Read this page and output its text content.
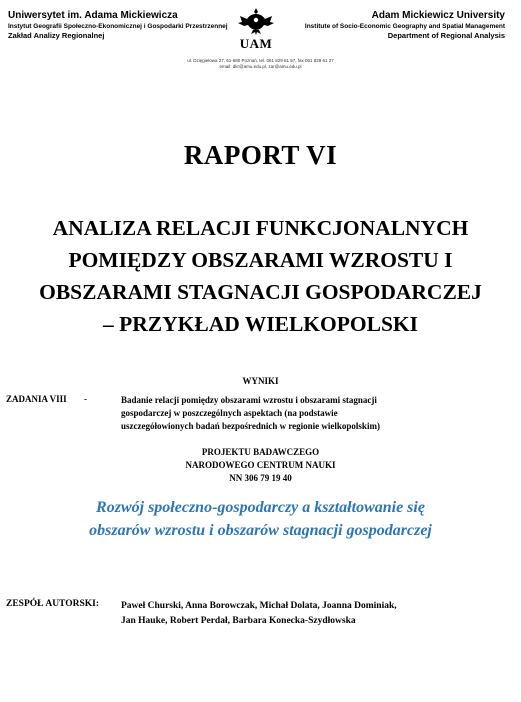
Uniwersytet im. Adama Mickiewicza
Instytut Geografii Społeczno-Ekonomicznej i Gospodarki Przestrzennej
Zakład Analizy Regionalnej
UAM
Adam Mickiewicz University
Institute of Socio-Economic Geography and Spatial Management
Department of Regional Analysis
ul. Dzięgielowa 27, 61-680 Poznań, tel. 061 829 61 57, fax 061 829 61 27
email: dkr@amu.edu.pl, zar@amu.edu.pl
RAPORT VI
ANALIZA RELACJI FUNKCJONALNYCH
POMIĘDZY OBSZARAMI WZROSTU I
OBSZARAMI STAGNACJI GOSPODARCZEJ
– PRZYKŁAD WIELKOPOLSKI
WYNIKI
ZADANIA VIII -	Badanie relacji pomiędzy obszarami wzrostu i obszarami stagnacji
gospodarczej w poszczególnych aspektach (na podstawie
uszczegółowionych badań bezpośrednich w regionie wielkopolskim)
PROJEKTU BADAWCZEGO
NARODOWEGO CENTRUM NAUKI
NN 306 79 19 40
Rozwój społeczno-gospodarczy a kształtowanie się
obszarów wzrostu i obszarów stagnacji gospodarczej
ZESPÓŁ AUTORSKI: Paweł Churski, Anna Borowczak, Michał Dolata, Joanna Dominiak,
Jan Hauke, Robert Perdał, Barbara Konecka-Szydłowska
